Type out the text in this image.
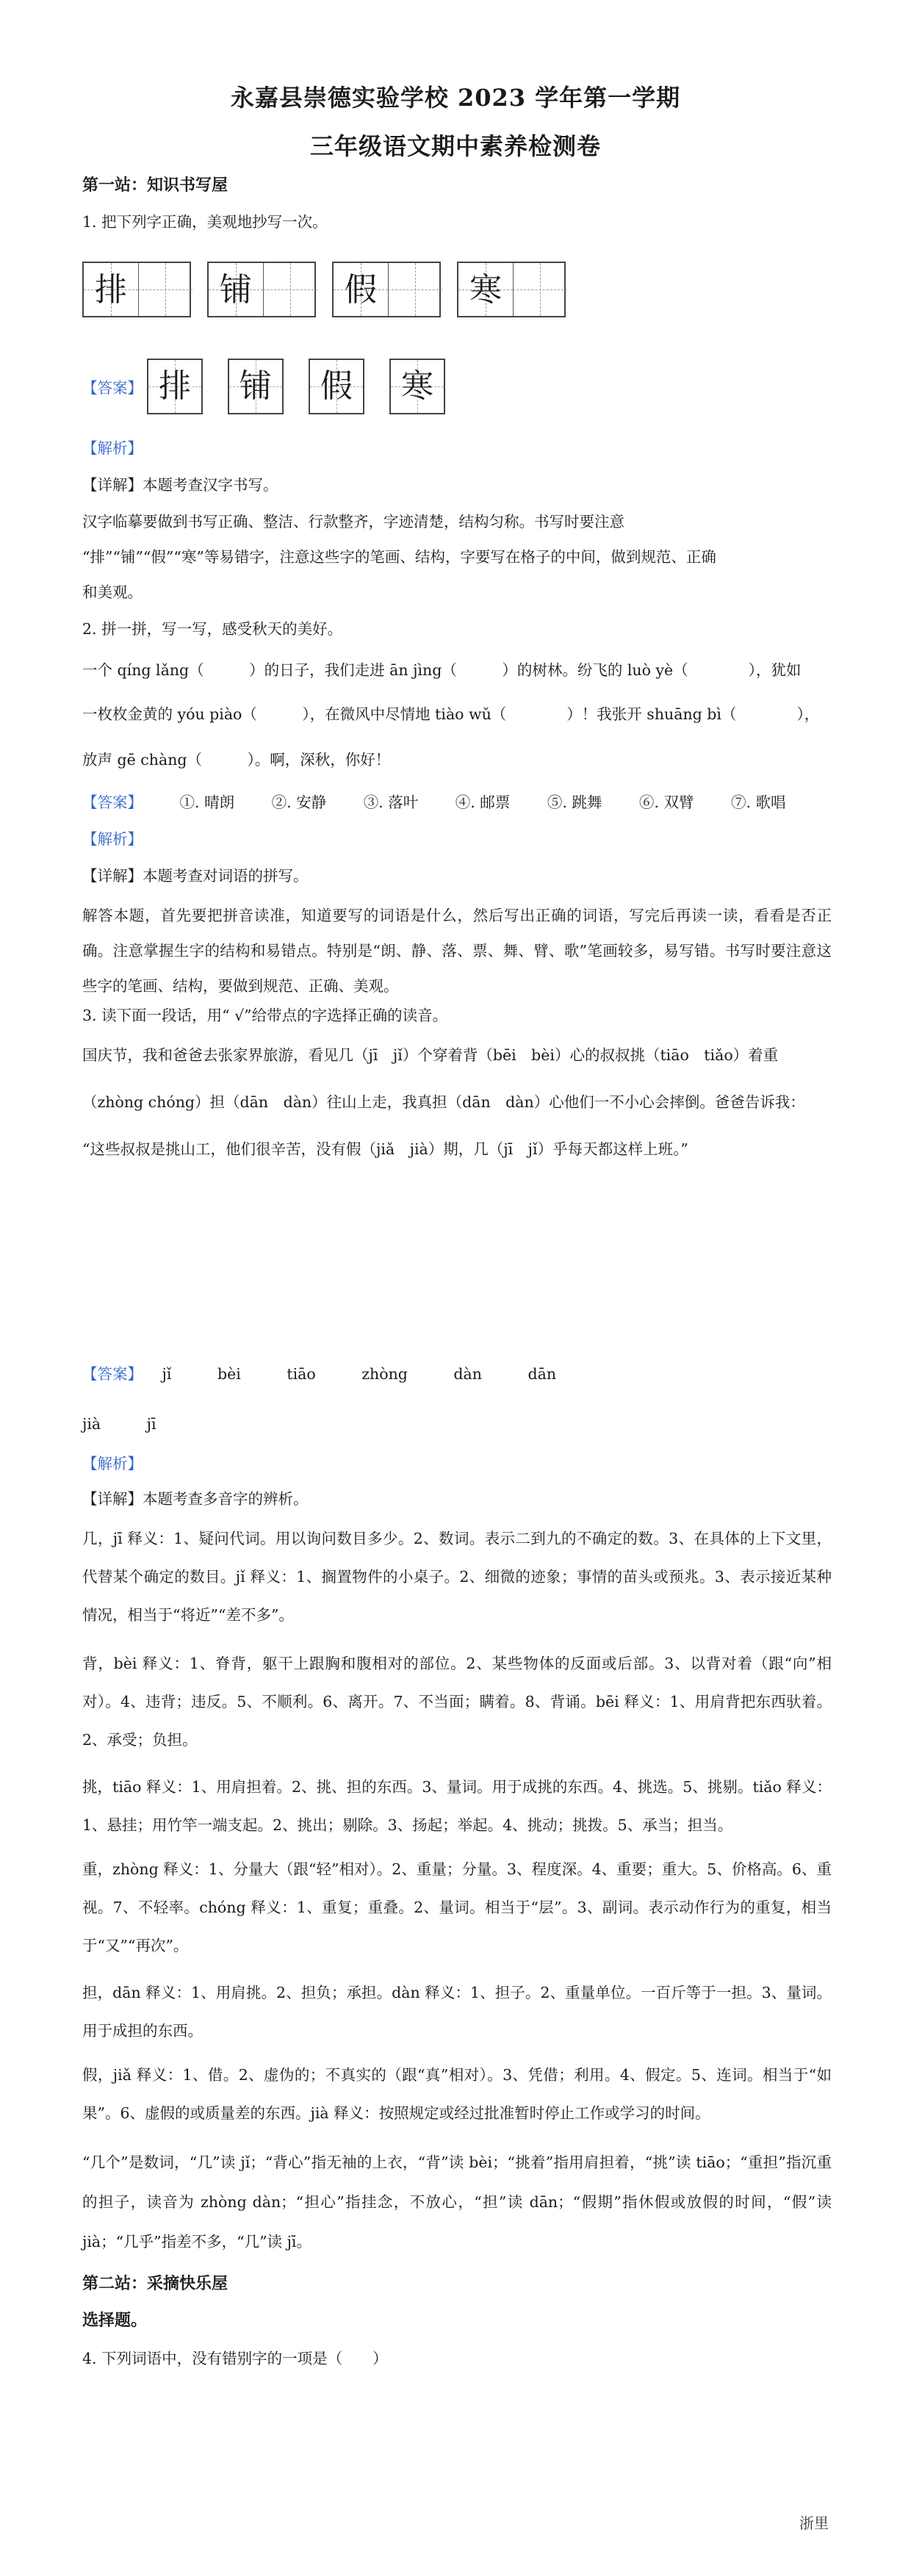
永嘉县崇德实验学校 2023 学年第一学期
三年级语文期中素养检测卷
第一站：知识书写屋
1. 把下列字正确，美观地抄写一次。
排	铺	假	寒
【答案】 排	铺	假	寒
【解析】
【详解】本题考查汉字书写。
汉字临摹要做到书写正确、整洁、行款整齐，字迹清楚，结构匀称。书写时要注意
“排”“铺”“假”“寒”等易错字，注意这些字的笔画、结构，字要写在格子的中间，做到规范、正确
和美观。
2. 拼一拼，写一写，感受秋天的美好。
一个 qíng lǎng（　　　）的日子，我们走进 ān jìng（　　　）的树林。纷飞的 luò yè（　　　　），犹如
一枚枚金黄的 yóu piào（　　　），在微风中尽情地 tiào wǔ（　　　　）！我张开 shuāng bì（　　　　），
放声 gē chàng（　　　）。啊，深秋，你好！
【答案】 ①. 晴朗 ②. 安静 ③. 落叶 ④. 邮票 ⑤. 跳舞 ⑥. 双臂 ⑦. 歌唱
【解析】
【详解】本题考查对词语的拼写。
解答本题，首先要把拼音读准，知道要写的词语是什么，然后写出正确的词语，写完后再读一读，看看是否正确。注意掌握生字的结构和易错点。特别是“朗、静、落、票、舞、臂、歌”笔画较多，易写错。书写时要注意这些字的笔画、结构，要做到规范、正确、美观。
3. 读下面一段话，用“ √”给带点的字选择正确的读音。
国庆节，我和爸爸去张家界旅游，看见几（jī　jǐ）个穿着背（bēi　bèi）心的叔叔挑（tiāo　tiǎo）着重
（zhòng chóng）担（dān　dàn）往山上走，我真担（dān　dàn）心他们一不小心会摔倒。爸爸告诉我：
“这些叔叔是挑山工，他们很辛苦，没有假（jiǎ　jià）期，几（jī　jǐ）乎每天都这样上班。”
【答案】 jǐ	bèi	tiāo	zhòng	dàn	dān
jià	jī
【解析】
【详解】本题考查多音字的辨析。
几，jī 释义：1、疑问代词。用以询问数目多少。2、数词。表示二到九的不确定的数。3、在具体的上下文里，代替某个确定的数目。jǐ 释义：1、搁置物件的小桌子。2、细微的迹象；事情的苗头或预兆。3、表示接近某种情况，相当于“将近”“差不多”。
背，bèi 释义：1、脊背，躯干上跟胸和腹相对的部位。2、某些物体的反面或后部。3、以背对着（跟“向”相对）。4、违背；违反。5、不顺利。6、离开。7、不当面；瞒着。8、背诵。bēi 释义：1、用肩背把东西驮着。2、承受；负担。
挑，tiāo 释义：1、用肩担着。2、挑、担的东西。3、量词。用于成挑的东西。4、挑选。5、挑剔。tiǎo 释义：1、悬挂；用竹竿一端支起。2、挑出；剔除。3、扬起；举起。4、挑动；挑拨。5、承当；担当。
重，zhòng 释义：1、分量大（跟“轻”相对）。2、重量；分量。3、程度深。4、重要；重大。5、价格高。6、重视。7、不轻率。chóng 释义：1、重复；重叠。2、量词。相当于“层”。3、副词。表示动作行为的重复，相当于“又”“再次”。
担，dān 释义：1、用肩挑。2、担负；承担。dàn 释义：1、担子。2、重量单位。一百斤等于一担。3、量词。用于成担的东西。
假，jiǎ 释义：1、借。2、虚伪的；不真实的（跟“真”相对）。3、凭借；利用。4、假定。5、连词。相当于“如果”。6、虚假的或质量差的东西。jià 释义：按照规定或经过批准暂时停止工作或学习的时间。
“几个”是数词，“几”读 jǐ；“背心”指无袖的上衣，“背”读 bèi；“挑着”指用肩担着，“挑”读 tiāo；“重担”指沉重的担子，读音为 zhòng dàn；“担心”指挂念，不放心，“担”读 dān；“假期”指休假或放假的时间，“假”读 jià；“几乎”指差不多，“几”读 jī。
第二站：采摘快乐屋
选择题。
4. 下列词语中，没有错别字的一项是（　　）
浙里
